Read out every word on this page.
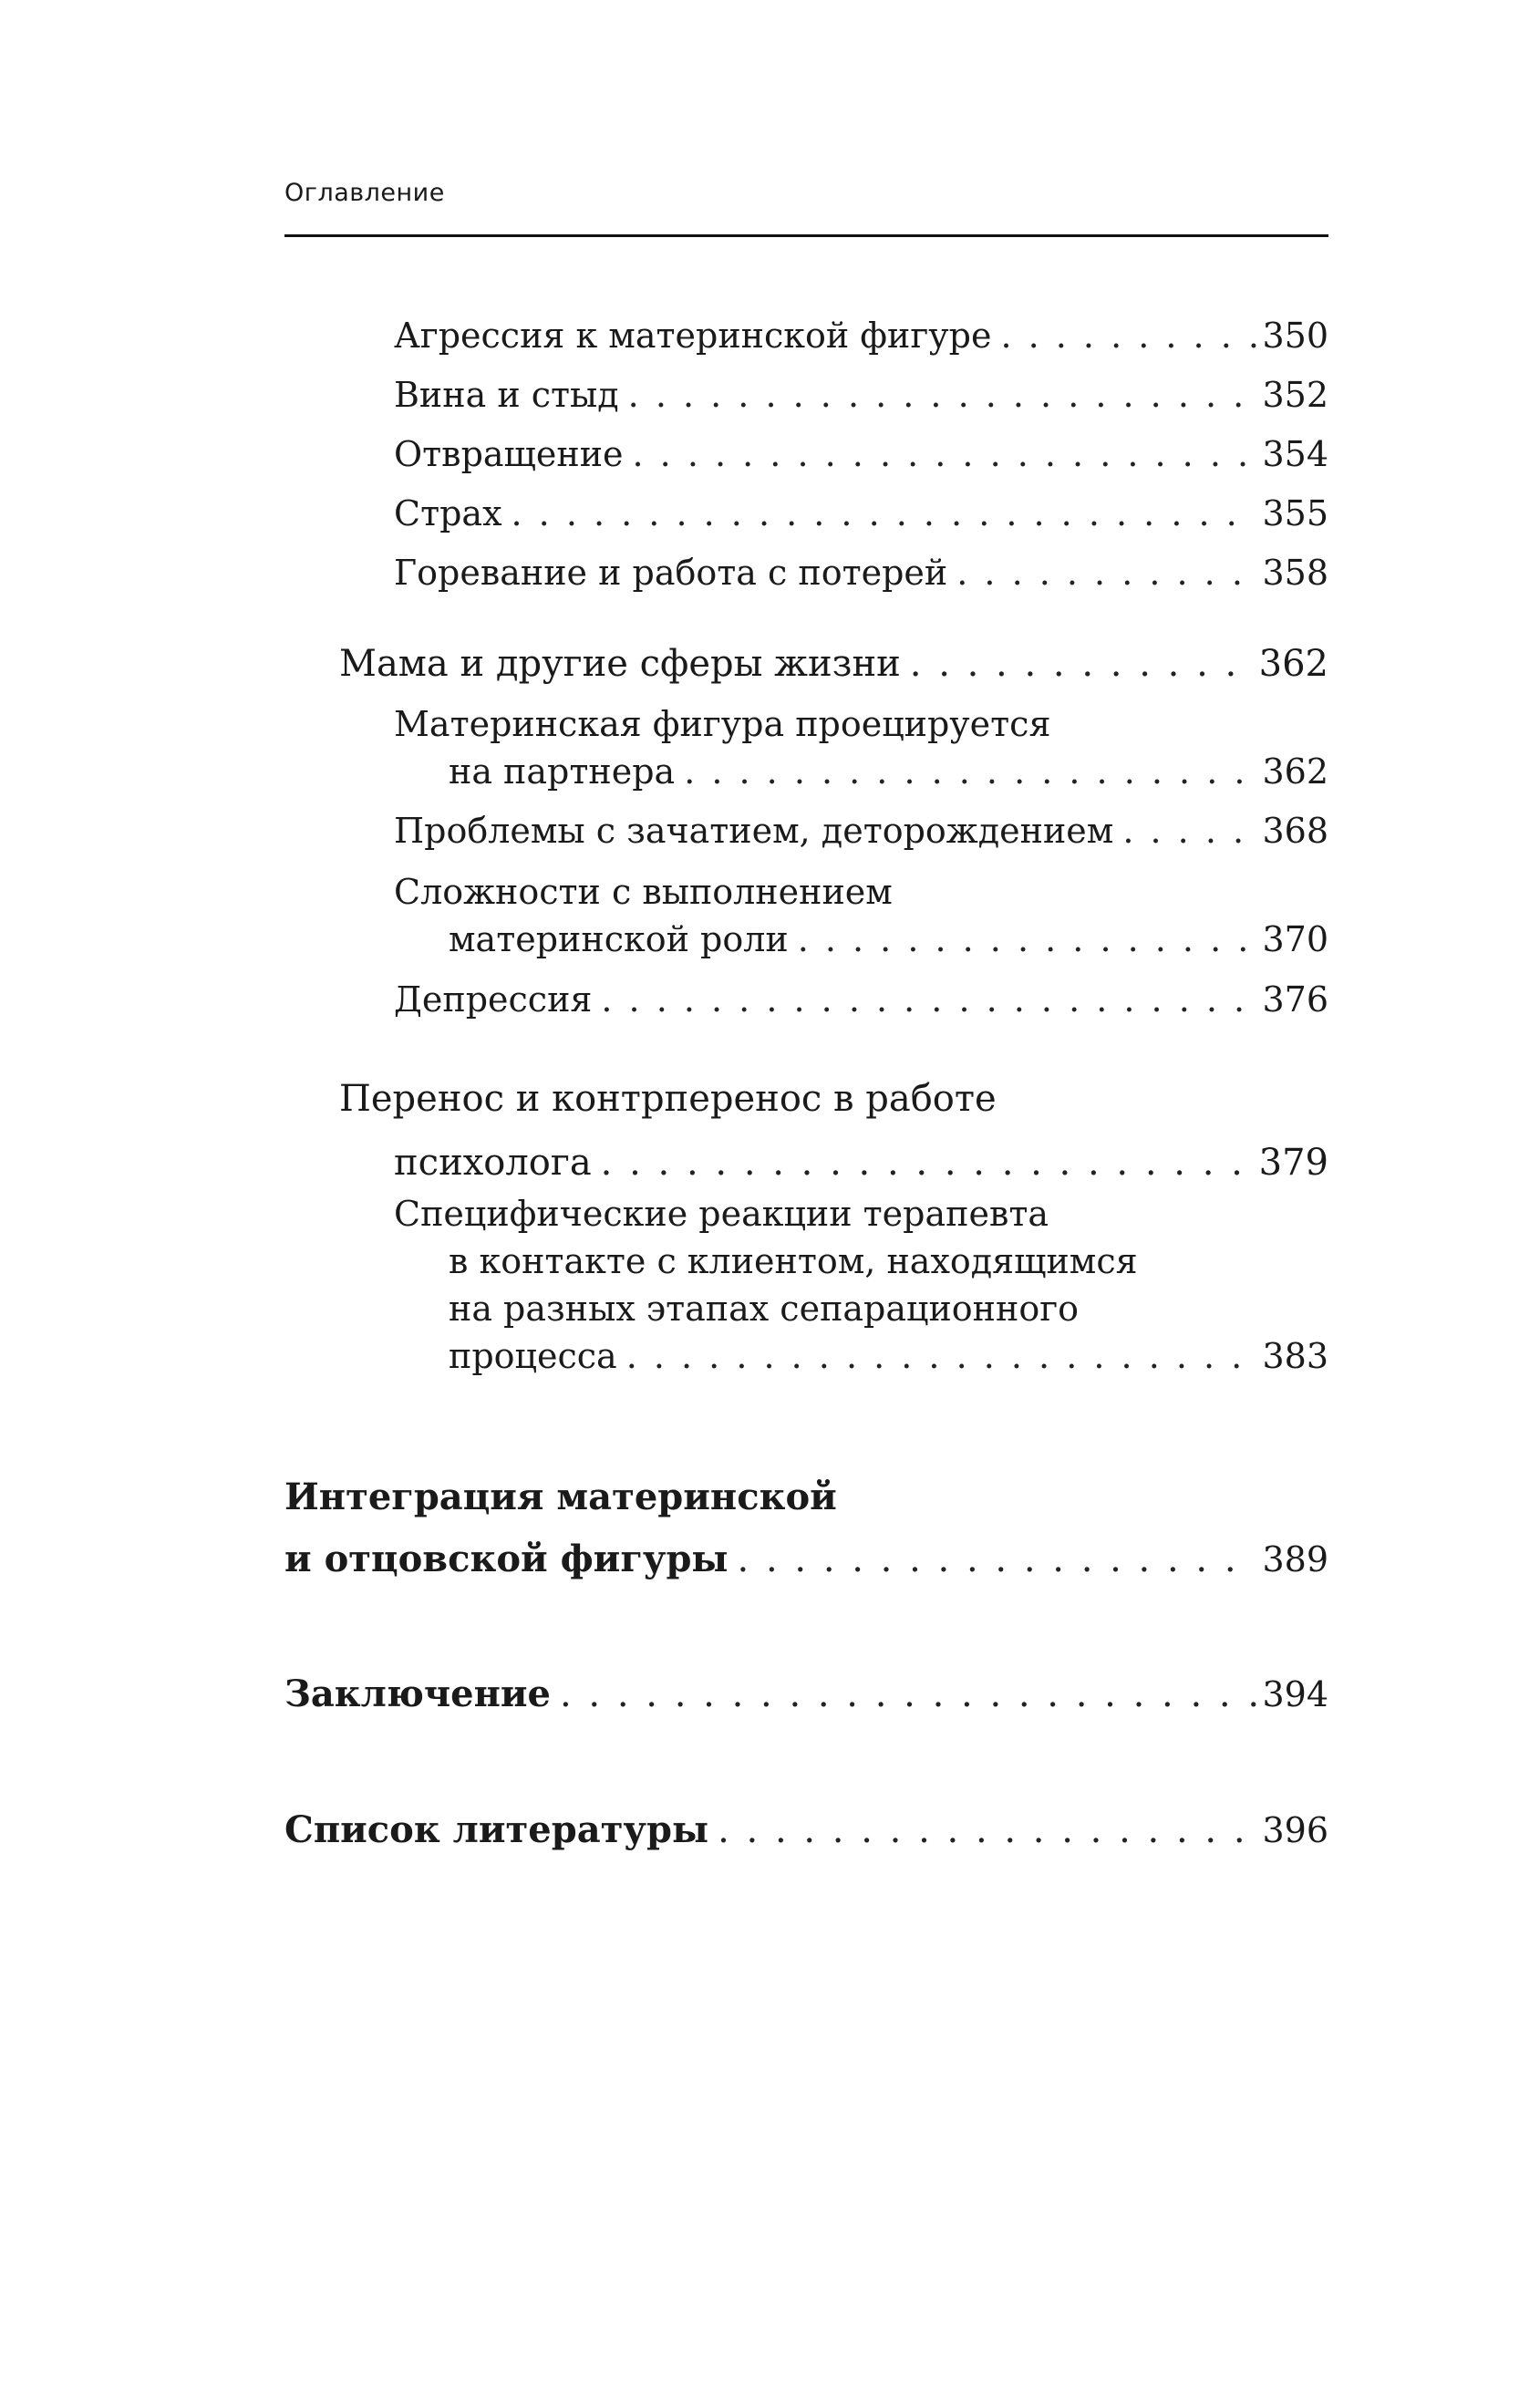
Оглавление
Агрессия к материнской фигуре . . .	350
Вина и стыд . . .	352
Отвращение . . .	354
Страх . . .	355
Горевание и работа с потерей . . .	358
Мама и другие сферы жизни . . .	362
Материнская фигура проецируется
на партнера . . .	362
Проблемы с зачатием, деторождением . . .	368
Сложности с выполнением
материнской роли . . .	370
Депрессия . . .	376
Перенос и контрперенос в работе
психолога . . .	379
Специфические реакции терапевта
в контакте с клиентом, находящимся
на разных этапах сепарационного
процесса . . .	383
Интеграция материнской
и отцовской фигуры . . .	389
Заключение . . .	394
Список литературы . . .	396
